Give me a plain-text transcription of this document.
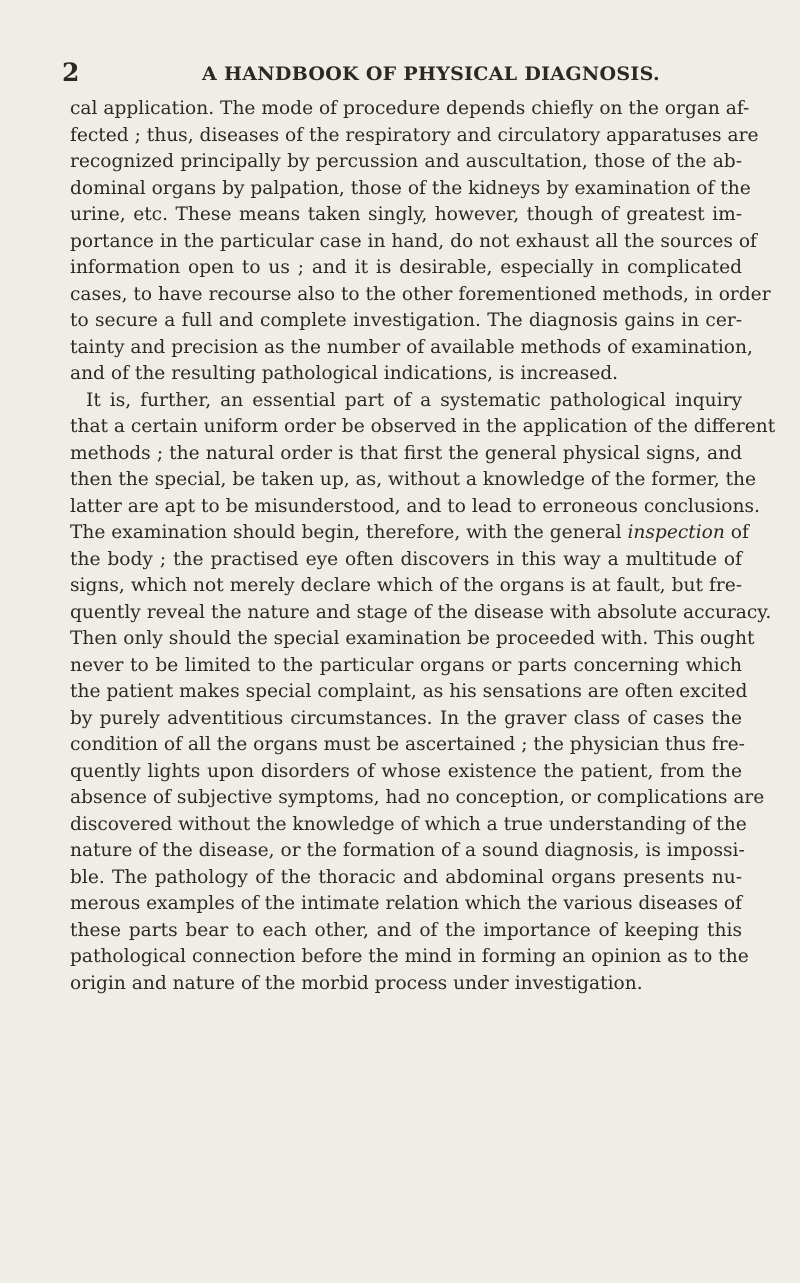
2	A HANDBOOK OF PHYSICAL DIAGNOSIS.
cal application. The mode of procedure depends chiefly on the organ af-
fected ; thus, diseases of the respiratory and circulatory apparatuses are
recognized principally by percussion and auscultation, those of the ab-
dominal organs by palpation, those of the kidneys by examination of the
urine, etc. These means taken singly, however, though of greatest im-
portance in the particular case in hand, do not exhaust all the sources of
information open to us ; and it is desirable, especially in complicated
cases, to have recourse also to the other forementioned methods, in order
to secure a full and complete investigation. The diagnosis gains in cer-
tainty and precision as the number of available methods of examination,
and of the resulting pathological indications, is increased.
It is, further, an essential part of a systematic pathological inquiry
that a certain uniform order be observed in the application of the different
methods ; the natural order is that first the general physical signs, and
then the special, be taken up, as, without a knowledge of the former, the
latter are apt to be misunderstood, and to lead to erroneous conclusions.
The examination should begin, therefore, with the general inspection of
the body ; the practised eye often discovers in this way a multitude of
signs, which not merely declare which of the organs is at fault, but fre-
quently reveal the nature and stage of the disease with absolute accuracy.
Then only should the special examination be proceeded with. This ought
never to be limited to the particular organs or parts concerning which
the patient makes special complaint, as his sensations are often excited
by purely adventitious circumstances. In the graver class of cases the
condition of all the organs must be ascertained ; the physician thus fre-
quently lights upon disorders of whose existence the patient, from the
absence of subjective symptoms, had no conception, or complications are
discovered without the knowledge of which a true understanding of the
nature of the disease, or the formation of a sound diagnosis, is impossi-
ble. The pathology of the thoracic and abdominal organs presents nu-
merous examples of the intimate relation which the various diseases of
these parts bear to each other, and of the importance of keeping this
pathological connection before the mind in forming an opinion as to the
origin and nature of the morbid process under investigation.
